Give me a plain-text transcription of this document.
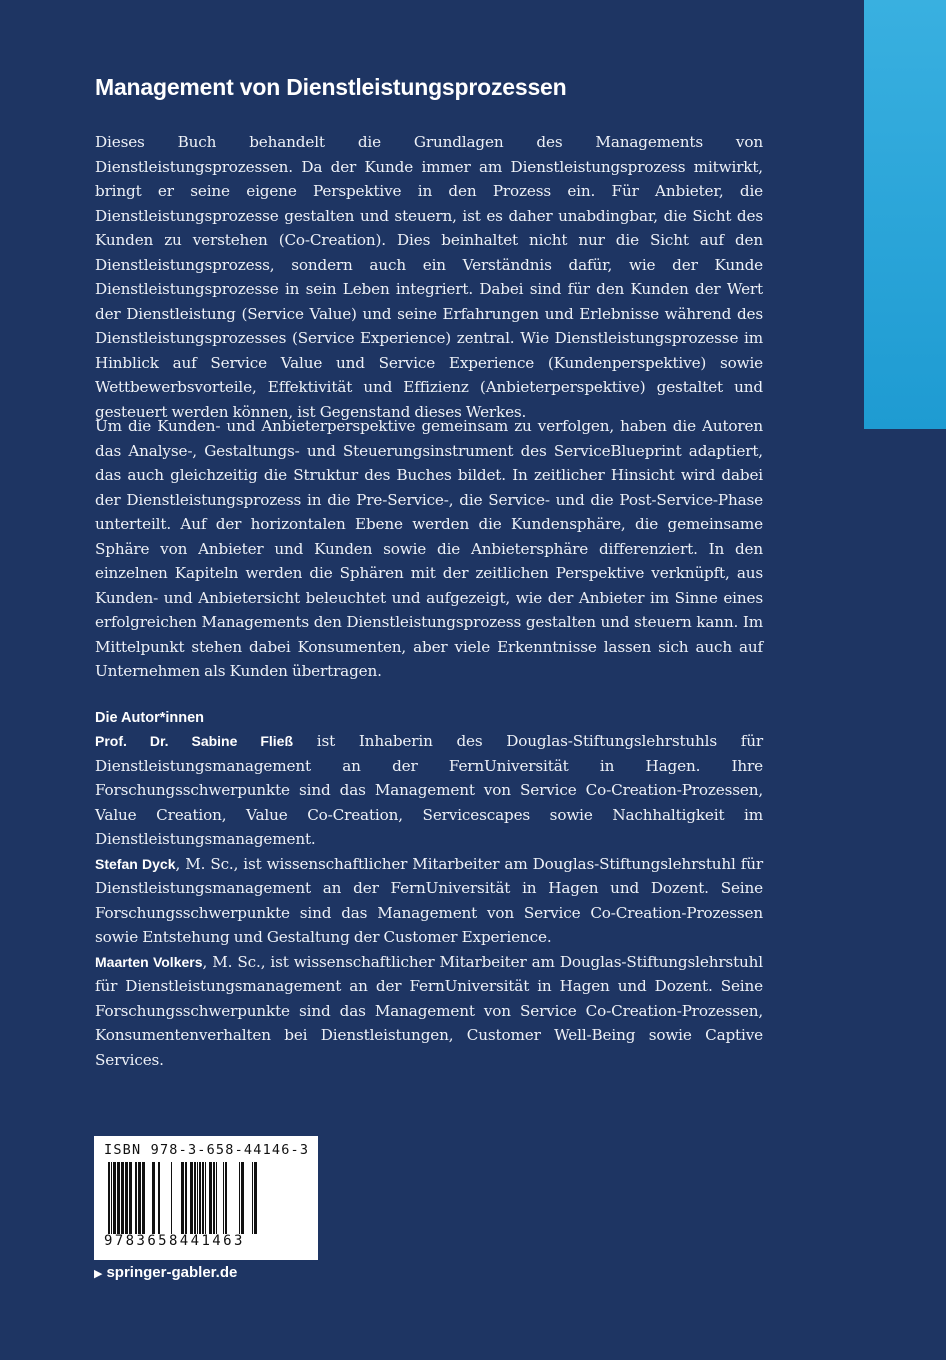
Management von Dienstleistungsprozessen

Dieses Buch behandelt die Grundlagen des Managements von Dienstleistungsprozessen. Da der Kunde immer am Dienstleistungsprozess mitwirkt, bringt er seine eigene Perspektive in den Prozess ein. Für Anbieter, die Dienstleistungsprozesse gestalten und steuern, ist es daher unabdingbar, die Sicht des Kunden zu verstehen (Co-Creation). Dies beinhaltet nicht nur die Sicht auf den Dienstleistungsprozess, sondern auch ein Verständnis dafür, wie der Kunde Dienstleistungsprozesse in sein Leben integriert. Dabei sind für den Kunden der Wert der Dienstleistung (Service Value) und seine Erfahrungen und Erlebnisse während des Dienstleistungsprozesses (Service Experience) zentral. Wie Dienstleistungsprozesse im Hinblick auf Service Value und Service Experience (Kundenperspektive) sowie Wettbewerbsvorteile, Effektivität und Effizienz (Anbieterperspektive) gestaltet und gesteuert werden können, ist Gegenstand dieses Werkes.

Um die Kunden- und Anbieterperspektive gemeinsam zu verfolgen, haben die Autoren das Analyse-, Gestaltungs- und Steuerungsinstrument des ServiceBlueprint adaptiert, das auch gleichzeitig die Struktur des Buches bildet. In zeitlicher Hinsicht wird dabei der Dienstleistungsprozess in die Pre-Service-, die Service- und die Post-Service-Phase unterteilt. Auf der horizontalen Ebene werden die Kundensphäre, die gemeinsame Sphäre von Anbieter und Kunden sowie die Anbietersphäre differenziert. In den einzelnen Kapiteln werden die Sphären mit der zeitlichen Perspektive verknüpft, aus Kunden- und Anbietersicht beleuchtet und aufgezeigt, wie der Anbieter im Sinne eines erfolgreichen Managements den Dienstleistungsprozess gestalten und steuern kann. Im Mittelpunkt stehen dabei Konsumenten, aber viele Erkenntnisse lassen sich auch auf Unternehmen als Kunden übertragen.

Die Autor*innen

Prof. Dr. Sabine Fließ ist Inhaberin des Douglas-Stiftungslehrstuhls für Dienstleistungsmanagement an der FernUniversität in Hagen. Ihre Forschungsschwerpunkte sind das Management von Service Co-Creation-Prozessen, Value Creation, Value Co-Creation, Servicescapes sowie Nachhaltigkeit im Dienstleistungsmanagement.

Stefan Dyck, M. Sc., ist wissenschaftlicher Mitarbeiter am Douglas-Stiftungslehrstuhl für Dienstleistungsmanagement an der FernUniversität in Hagen und Dozent. Seine Forschungsschwerpunkte sind das Management von Service Co-Creation-Prozessen sowie Entstehung und Gestaltung der Customer Experience.

Maarten Volkers, M. Sc., ist wissenschaftlicher Mitarbeiter am Douglas-Stiftungslehrstuhl für Dienstleistungsmanagement an der FernUniversität in Hagen und Dozent. Seine Forschungsschwerpunkte sind das Management von Service Co-Creation-Prozessen, Konsumentenverhalten bei Dienstleistungen, Customer Well-Being sowie Captive Services.

ISBN 978-3-658-44146-3
9783658441463
▶ springer-gabler.de
